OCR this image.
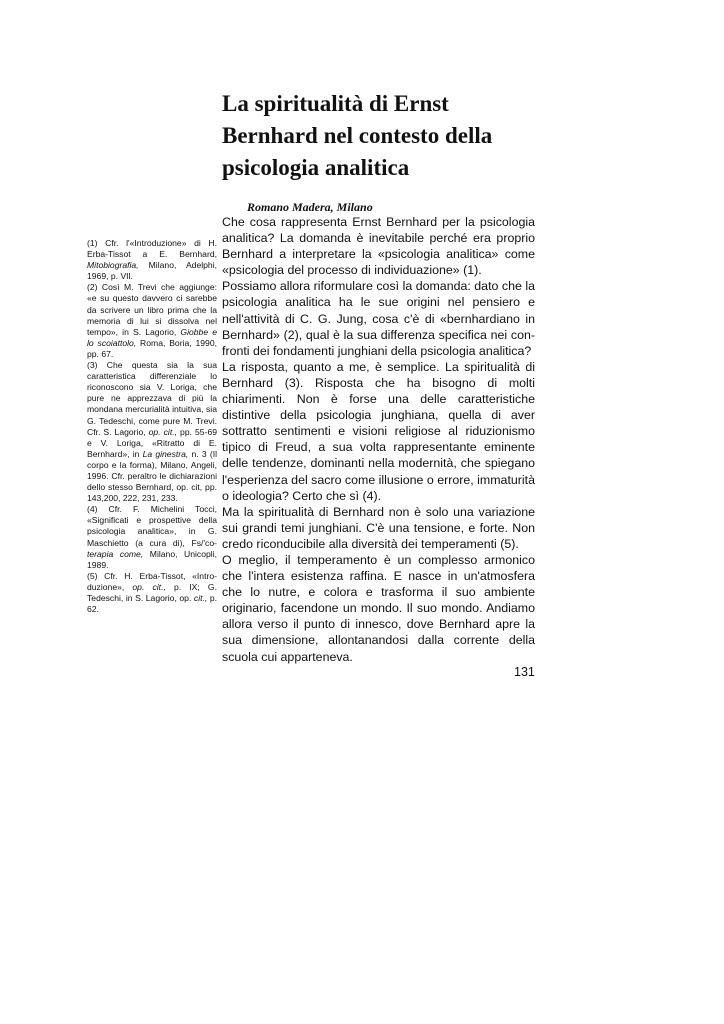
La spiritualità di Ernst
Bernhard nel contesto della
psicologia analitica

Romano Madera, Milano

Che cosa rappresenta Ernst Bernhard per la psicologia analitica? La domanda è inevitabile perché era proprio Bernhard a interpretare la «psicologia analitica» come «psicologia del processo di individuazione» (1).

Possiamo allora riformulare così la domanda: dato che la psicologia analitica ha le sue origini nel pensiero e nell'attività di C. G. Jung, cosa c'è di «bernhardiano in Bernhard» (2), qual è la sua differenza specifica nei confronti dei fondamenti junghiani della psicologia analitica?

La risposta, quanto a me, è semplice. La spiritualità di Bernhard (3). Risposta che ha bisogno di molti chiarimenti. Non è forse una delle caratteristiche distintive della psicologia junghiana, quella di aver sottratto sentimenti e visioni religiose al riduzionismo tipico di Freud, a sua volta rappresentante eminente delle tendenze, dominanti nella modernità, che spiegano l'esperienza del sacro come illusione o errore, immaturità o ideologia? Certo che sì (4).

Ma la spiritualità di Bernhard non è solo una variazione sui grandi temi junghiani. C'è una tensione, e forte. Non credo riconducibile alla diversità dei temperamenti (5).

O meglio, il temperamento è un complesso armonico che l'intera esistenza raffina. E nasce in un'atmosfera che lo nutre, e colora e trasforma il suo ambiente originario, facendone un mondo. Il suo mondo. Andiamo allora verso il punto di innesco, dove Bernhard apre la sua dimensione, allontanandosi dalla corrente della scuola cui apparteneva.

(1) Cfr. l'«Introduzione» di H. Erba-Tissot a E. Bernhard, Mitobiografia, Milano, Adelphi, 1969, p. VIl.

(2) Così M. Trevi che aggiunge: «e su questo davvero ci sarebbe da scrivere un libro prima che la memoria di lui si dissolva nel tempo», in S. Lagorio, Giobbe e lo scoiattolo, Roma, Boria, 1990, pp. 67.

(3) Che questa sia la sua caratteristica differenziale lo riconoscono sia V. Loriga, che pure ne apprezzava di più la mondana mercurialità intuitiva, sia G. Tedeschi, come pure M. Trevi. Cfr. S. Lagorio, op. cit., pp. 55-69 e V. Loriga, «Ritratto di E. Bernhard», in La ginestra, n. 3 (Il corpo e la forma), Milano, Angeli, 1996. Cfr. peraltro le dichiarazioni dello stesso Bernhard, op. cit, pp. 143,200, 222, 231, 233.

(4) Cfr. F. Michelini Tocci, «Significati e prospettive della psicologia analitica», in G. Maschietto (a cura di), Fs/'co-terapia come, Milano, Unicopli, 1989.

(5) Cfr. H. Erba-Tissot, «Introduzione», op. cit., p. IX; G. Tedeschi, in S. Lagorio, op. cit., p. 62.

131
